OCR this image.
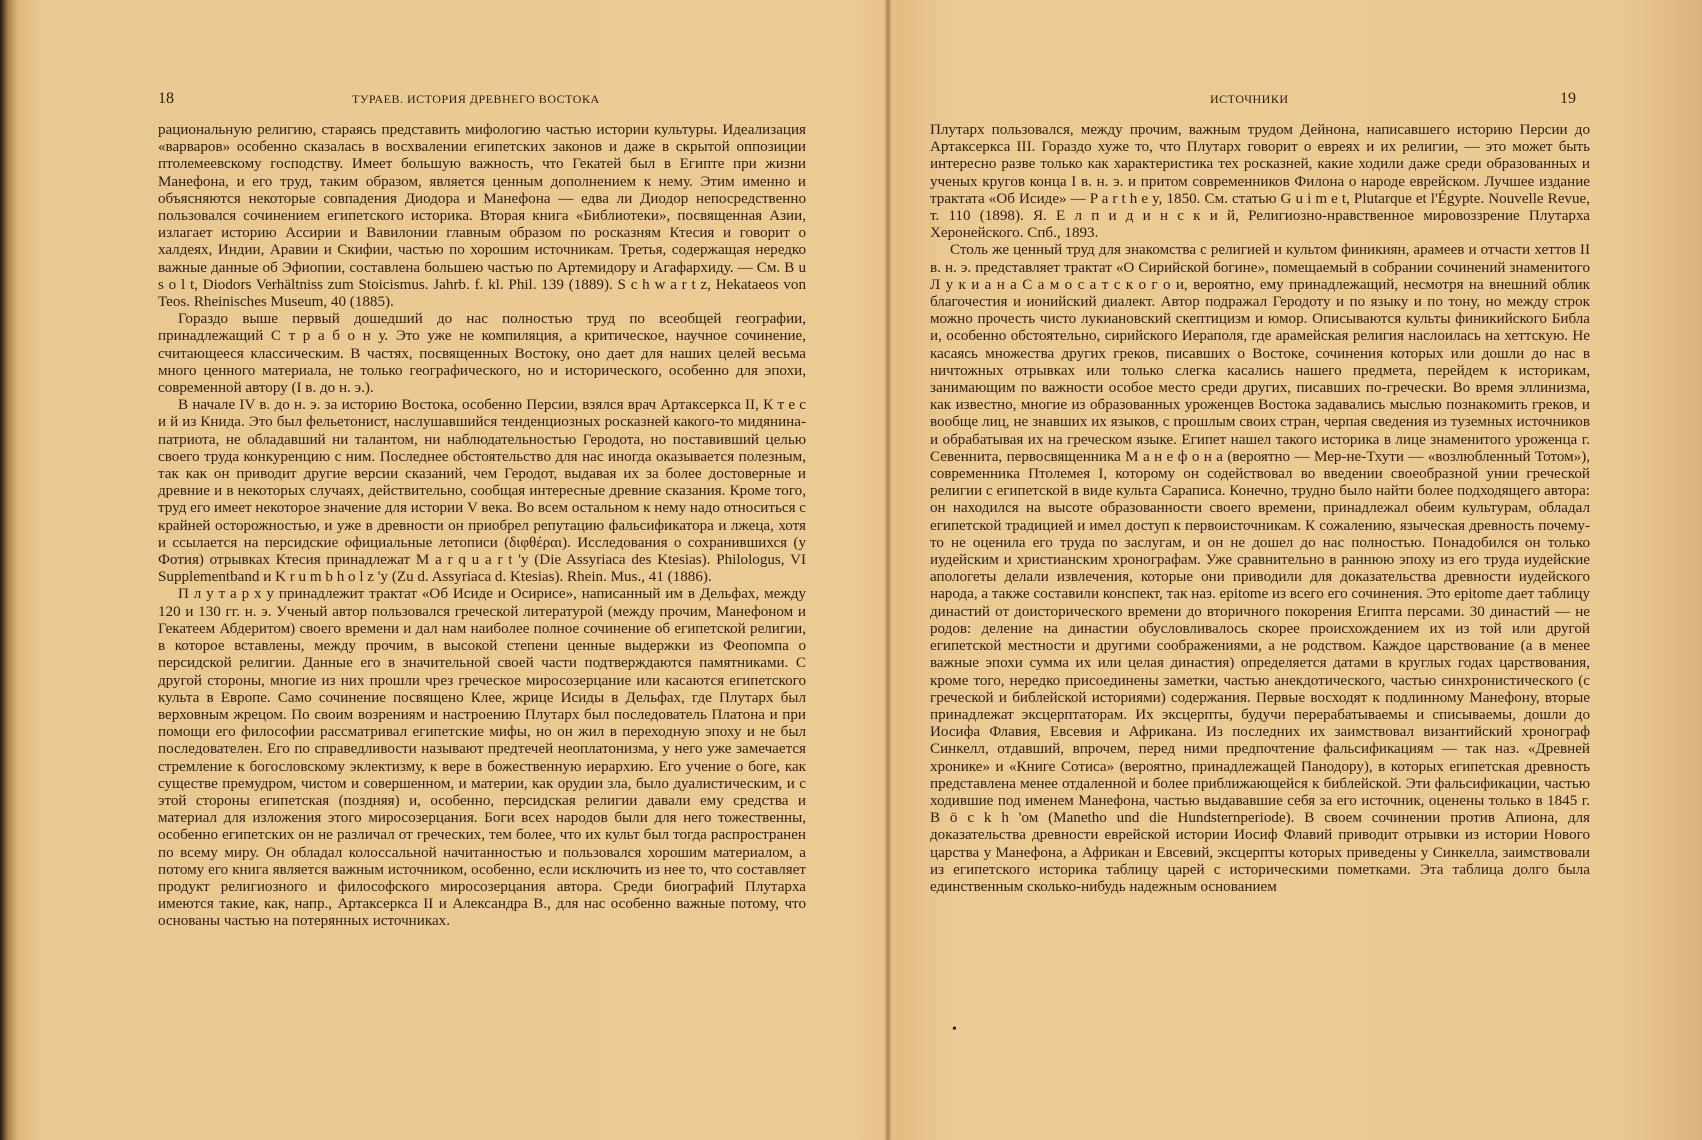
18	ТУРАЕВ. ИСТОРИЯ ДРЕВНЕГО ВОСТОКА

рациональную религию, стараясь представить мифологию частью истории культуры. Идеализация «варваров» особенно сказалась в восхвалении египетских законов и даже в скрытой оппозиции птолемеевскому господству. Имеет большую важность, что Гекатей был в Египте при жизни Манефона, и его труд, таким образом, является ценным дополнением к нему. Этим именно и объясняются некоторые совпадения Диодора и Манефона — едва ли Диодор непосредственно пользовался сочинением египетского историка. Вторая книга «Библиотеки», посвященная Азии, излагает историю Ассирии и Вавилонии главным образом по росказням Ктесия и говорит о халдеях, Индии, Аравии и Скифии, частью по хорошим источникам. Третья, содержащая нередко важные данные об Эфиопии, составлена большею частью по Артемидору и Агафархиду. — См. B u s o l t, Diodors Verhältniss zum Stoicismus. Jahrb. f. kl. Phil. 139 (1889). S c h w a r t z, Hekataeos von Teos. Rheinisches Museum, 40 (1885).

Гораздо выше первый дошедший до нас полностью труд по всеобщей географии, принадлежащий С т р а б о н у. Это уже не компиляция, а критическое, научное сочинение, считающееся классическим. В частях, посвященных Востоку, оно дает для наших целей весьма много ценного материала, не только географического, но и исторического, особенно для эпохи, современной автору (I в. до н. э.).

В начале IV в. до н. э. за историю Востока, особенно Персии, взялся врач Артаксеркса II, К т е с и й из Книда. Это был фельетонист, наслушавшийся тенденциозных росказней какого-то мидянина-патриота, не обладавший ни талантом, ни наблюдательностью Геродота, но поставивший целью своего труда конкуренцию с ним. Последнее обстоятельство для нас иногда оказывается полезным, так как он приводит другие версии сказаний, чем Геродот, выдавая их за более достоверные и древние и в некоторых случаях, действительно, сообщая интересные древние сказания. Кроме того, труд его имеет некоторое значение для истории V века. Во всем остальном к нему надо относиться с крайней осторожностью, и уже в древности он приобрел репутацию фальсификатора и лжеца, хотя и ссылается на персидские официальные летописи (διφθέραι). Исследования о сохранившихся (у Фотия) отрывках Ктесия принадлежат M a r q u a r t 'у (Die Assyriaca des Ktesias). Philologus, VI Supplementband и K r u m b h o l z 'у (Zu d. Assyriaca d. Ktesias). Rhein. Mus., 41 (1886).

П л у т а р х у принадлежит трактат «Об Исиде и Осирисе», написанный им в Дельфах, между 120 и 130 гг. н. э. Ученый автор пользовался греческой литературой (между прочим, Манефоном и Гекатеем Абдеритом) своего времени и дал нам наиболее полное сочинение об египетской религии, в которое вставлены, между прочим, в высокой степени ценные выдержки из Феопомпа о персидской религии. Данные его в значительной своей части подтверждаются памятниками. С другой стороны, многие из них прошли чрез греческое миросозерцание или касаются египетского культа в Европе. Само сочинение посвящено Клее, жрице Исиды в Дельфах, где Плутарх был верховным жрецом. По своим возрениям и настроению Плутарх был последователь Платона и при помощи его философии рассматривал египетские мифы, но он жил в переходную эпоху и не был последователен. Его по справедливости называют предтечей неоплатонизма, у него уже замечается стремление к богословскому эклектизму, к вере в божественную иерархию. Его учение о боге, как существе премудром, чистом и совершенном, и материи, как орудии зла, было дуалистическим, и с этой стороны египетская (поздняя) и, особенно, персидская религии давали ему средства и материал для изложения этого миросозерцания. Боги всех народов были для него тожественны, особенно египетских он не различал от греческих, тем более, что их культ был тогда распространен по всему миру. Он обладал колоссальной начитанностью и пользовался хорошим материалом, а потому его книга является важным источником, особенно, если исключить из нее то, что составляет продукт религиозного и философского миросозерцания автора. Среди биографий Плутарха имеются такие, как, напр., Артаксеркса II и Александра В., для нас особенно важные потому, что основаны частью на потерянных источниках.

ИСТОЧНИКИ	19

Плутарх пользовался, между прочим, важным трудом Дейнона, написавшего историю Персии до Артаксеркса III. Гораздо хуже то, что Плутарх говорит о евреях и их религии, — это может быть интересно разве только как характеристика тех росказней, какие ходили даже среди образованных и ученых кругов конца I в. н. э. и притом современников Филона о народе еврейском. Лучшее издание трактата «Об Исиде» — P a r t h e y, 1850. См. статью G u i m e t, Plutarque et l'Égypte. Nouvelle Revue, т. 110 (1898). Я. Е л п и д и н с к и й, Религиозно-нравственное мировоззрение Плутарха Херонейского. Спб., 1893.

Столь же ценный труд для знакомства с религией и культом финикиян, арамеев и отчасти хеттов II в. н. э. представляет трактат «О Сирийской богине», помещаемый в собрании сочинений знаменитого Л у к и а н а С а м о с а т с к о г о и, вероятно, ему принадлежащий, несмотря на внешний облик благочестия и ионийский диалект. Автор подражал Геродоту и по языку и по тону, но между строк можно прочесть чисто лукиановский скептицизм и юмор. Описываются культы финикийского Библа и, особенно обстоятельно, сирийского Иераполя, где арамейская религия наслоилась на хеттскую. Не касаясь множества других греков, писавших о Востоке, сочинения которых или дошли до нас в ничтожных отрывках или только слегка касались нашего предмета, перейдем к историкам, занимающим по важности особое место среди других, писавших по-гречески. Во время эллинизма, как известно, многие из образованных уроженцев Востока задавались мыслью познакомить греков, и вообще лиц, не знавших их языков, с прошлым своих стран, черпая сведения из туземных источников и обрабатывая их на греческом языке. Египет нашел такого историка в лице знаменитого уроженца г. Севеннита, первосвященника М а н е ф о н а (вероятно — Мер-не-Тхути — «возлюбленный Тотом»), современника Птолемея I, которому он содействовал во введении своеобразной унии греческой религии с египетской в виде культа Сараписа. Конечно, трудно было найти более подходящего автора: он находился на высоте образованности своего времени, принадлежал обеим культурам, обладал египетской традицией и имел доступ к первоисточникам. К сожалению, языческая древность почему-то не оценила его труда по заслугам, и он не дошел до нас полностью. Понадобился он только иудейским и христианским хронографам. Уже сравнительно в раннюю эпоху из его труда иудейские апологеты делали извлечения, которые они приводили для доказательства древности иудейского народа, а также составили конспект, так наз. epitome из всего его сочинения. Это epitome дает таблицу династий от доисторического времени до вторичного покорения Египта персами. 30 династий — не родов: деление на династии обусловливалось скорее происхождением их из той или другой египетской местности и другими соображениями, а не родством. Каждое царствование (а в менее важные эпохи сумма их или целая династия) определяется датами в круглых годах царствования, кроме того, нередко присоединены заметки, частью анекдотического, частью синхронистического (с греческой и библейской историями) содержания. Первые восходят к подлинному Манефону, вторые принадлежат эксцерптаторам. Их эксцерпты, будучи перерабатываемы и списываемы, дошли до Иосифа Флавия, Евсевия и Африкана. Из последних их заимствовал византийский хронограф Синкелл, отдавший, впрочем, перед ними предпочтение фальсификациям — так наз. «Древней хронике» и «Книге Сотиса» (вероятно, принадлежащей Панодору), в которых египетская древность представлена менее отдаленной и более приближающейся к библейской. Эти фальсификации, частью ходившие под именем Манефона, частью выдававшие себя за его источник, оценены только в 1845 г. B ö c k h 'ом (Manetho und die Hundsternperiode). В своем сочинении против Апиона, для доказательства древности еврейской истории Иосиф Флавий приводит отрывки из истории Нового царства у Манефона, а Африкан и Евсевий, эксцерпты которых приведены у Синкелла, заимствовали из египетского историка таблицу царей с историческими пометками. Эта таблица долго была единственным сколько-нибудь надежным основанием

•
